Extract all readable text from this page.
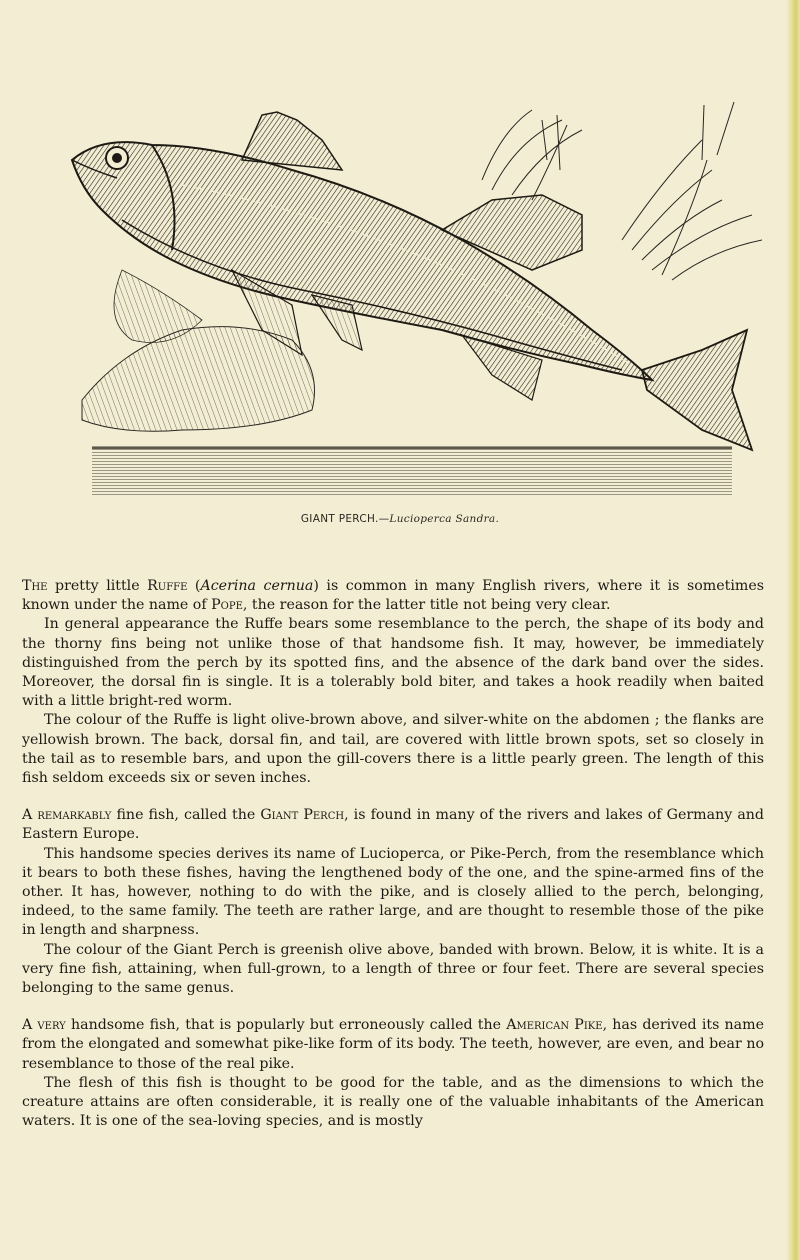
GIANT PERCH.—Lucioperca Sandra.

The pretty little Ruffe (Acerina cernua) is common in many English rivers, where it is sometimes known under the name of Pope, the reason for the latter title not being very clear.

In general appearance the Ruffe bears some resemblance to the perch, the shape of its body and the thorny fins being not unlike those of that handsome fish. It may, however, be immediately distinguished from the perch by its spotted fins, and the absence of the dark band over the sides. Moreover, the dorsal fin is single. It is a tolerably bold biter, and takes a hook readily when baited with a little bright-red worm.

The colour of the Ruffe is light olive-brown above, and silver-white on the abdomen ; the flanks are yellowish brown. The back, dorsal fin, and tail, are covered with little brown spots, set so closely in the tail as to resemble bars, and upon the gill-covers there is a little pearly green. The length of this fish seldom exceeds six or seven inches.

A remarkably fine fish, called the Giant Perch, is found in many of the rivers and lakes of Germany and Eastern Europe.

This handsome species derives its name of Lucioperca, or Pike-Perch, from the resemblance which it bears to both these fishes, having the lengthened body of the one, and the spine-armed fins of the other. It has, however, nothing to do with the pike, and is closely allied to the perch, belonging, indeed, to the same family. The teeth are rather large, and are thought to resemble those of the pike in length and sharpness.

The colour of the Giant Perch is greenish olive above, banded with brown. Below, it is white. It is a very fine fish, attaining, when full-grown, to a length of three or four feet. There are several species belonging to the same genus.

A very handsome fish, that is popularly but erroneously called the American Pike, has derived its name from the elongated and somewhat pike-like form of its body. The teeth, however, are even, and bear no resemblance to those of the real pike.

The flesh of this fish is thought to be good for the table, and as the dimensions to which the creature attains are often considerable, it is really one of the valuable inhabitants of the American waters. It is one of the sea-loving species, and is mostly
